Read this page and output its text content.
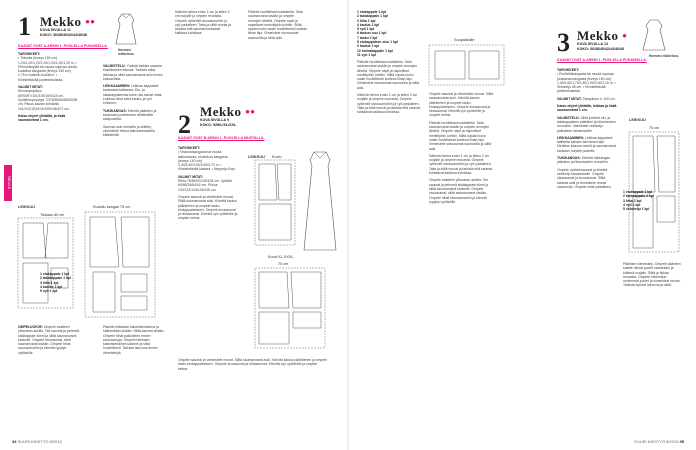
NEULE
1 Mekko ••
KUVA SIVULLA 11
KOKO: 36/38/40/42/44/46/48
KAAVAT OVAT A-ARKIN 1. PUOLELLA PUNAISELLA.
Hormasi
mikkelous.

TARVIKKEET:
• Trikoota (leveys 150 cm) 1,20/1,20/1,20/1,20/1,20/1,20/1,20 m. • Pehmeämpää tai muuta sopivaa ohutta kudottua kangasta (leveys 150 cm) 1,75 m kaikkiin kokoihin. • Kiinnitettävää juotteenkaistaa.

VALMIIT MITAT:
Rinnanympärys 89/93/97/101/105/109/115 cm. Vyötärönympärys 72/76/80/84/88/92/98 cm. Pituus kaulan kohdalta 101/102/103/104/105/106/107 cm.

Katso ohjeet ylhäältä, ja lisää saumanvarat 1 cm.

VALMISTELU: Yhdistä kaikkia osaosia keskikohtien kanssa. Tarkista mitat, leikkaa ja silitä saumanvarat auki ennen kokoamista.

LEIKKAAMINEN: Leikkaa kappaleet kankaasta taitteesta. Etu- ja takakappaleessa tulee olla samat mitat. Leikkaa hihat sekä kaulus ja vyö erikseen.

TUKIKANGAS: Kiinnitä pääntien ja kaulustan juotteeseen silittämällä sisäpuolelta.

Saumat ovat ommeltu ja silitetty; viimeistele helma kaksinkertaisella käänteellä.

LEIKKUU
Tikkaus 60 cm
Kudullu kangas 75 cm
1 etukappale 1 kpl
2 takakappale 1 kpl
3 hiha 1 kpl
4 kaulus 1 kpl
5 vyö 1 kpl

OMPELUOHJE: Ompele vaatteen ylösvaran aukilla. Tee saumat ja pehmeä sisäkappale kiinni ja silitä saumanvarat keskelle. Ompele sivusaumat, silitä saumanvarat sisään. Ompele hihat sivusaumoihin ja kiinnitä rypytys vyötärölle.

Pääntie leikataan kaksinkertaisena ja käännetään sisään. Silitä saumat sisään. Ompele hihat paikoilleen ennen sivusaumoja. Ompele helmaan kaksinkertainen käänne ja silitä huolellisesti. Tarkista istuvuus ennen viimeistelyä.

Käännä helma ensin 1 cm ja sitten 2 cm nurjalle ja ompele reunasta. Ompele vyölenkit sivusaumoihin ja vyö paikalleen. Taita ja silitä reunat ja tarkista että saumat kohtaavat kaikissa kohdissa.

2 Mekko ••
KUVA SIVULLA 9
KOKO: S/M/L/XL/XXL
KAAVAT OVAT B-ARKIN 1. PUOLELLA MUSTALLA.

TARVIKKEET:
• Viskoosikangasta tai muuta laskeutuvaa, ohuehkoa kangasta (leveys 140 cm) 3,40/3,40/3,50/3,50/3,70 m. • Kiinnitettävää kaistaa. • Neppeja 8 kpl.

VALMIIT MITAT:
Rinta 76/84/92/100/108 cm. Vyötärö 60/68/76/84/92 cm. Pituus 120/122/124/126/128 cm.

Ompele saumat ja viimeistele reunat. Silitä saumanvarat auki. Kiinnitä kaulus pääntiehen ja ompele tasku etukappaleeseen. Ompele sivusaumat ja hihasaumat. Kiinnitä vyö vyötärölle ja ompele helma.

Pääntie huolitellaan kaitaleella. Taita saumanvarat sisään ja ompele reunojen läheltä. Ompele napit ja napinlävet merkittyihin kohtiin. Silitä lopuksi koko vaate huolellisesti kostean liinan läpi. Viimeistele sivusaumat saumurilla ja silitä auki.

LEIKKUU Kuvio
Kood XL-XXXL
70 cm

Ompele saumat ja viimeistele reunat. Silitä saumanvarat auki. Kiinnitä kaulus pääntiehen ja ompele tasku etukappaleeseen. Ompele sivusaumat ja hihasaumat. Kiinnitä vyö vyötärölle ja ompele helma.

34 SUURI KÄSITYÖ 8/2015

Pääntie huolitellaan kaitaleella. Taita saumanvarat sisään ja ompele reunojen läheltä. Ompele napit ja napinlävet merkittyihin kohtiin. Silitä lopuksi koko vaate huolellisesti kostean liinan läpi. Viimeistele sivusaumat saumurilla ja silitä auki.

Käännä helma ensin 1 cm ja sitten 2 cm nurjalle ja ompele reunasta. Ompele vyölenkit sivusaumoihin ja vyö paikalleen. Taita ja silitä reunat ja tarkista että saumat kohtaavat kaikissa kohdissa.

1 etukappale 1 kpl
2 takakappale 1 kpl
3 hiha 1 kpl
4 kaulus 1 kpl
5 vyö 1 kpl
6 taskun suu 1 kpl
7 tasku 2 kpl
8 etukappaleen sivu 1 kpl
9 kaulus 1 kpl
10 helmakappale 1 kpl
11 vyö 1 kpl
Suojaaikalle

Ompele saumat ja viimeistele reunat. Silitä saumanvarat auki. Kiinnitä kaulus pääntiehen ja ompele tasku etukappaleeseen. Ompele sivusaumat ja hihasaumat. Kiinnitä vyö vyötärölle ja ompele helma.

Pääntie huolitellaan kaitaleella. Taita saumanvarat sisään ja ompele reunojen läheltä. Ompele napit ja napinlävet merkittyihin kohtiin. Silitä lopuksi koko vaate huolellisesti kostean liinan läpi. Viimeistele sivusaumat saumurilla ja silitä auki.

Käännä helma ensin 1 cm ja sitten 2 cm nurjalle ja ompele reunasta. Ompele vyölenkit sivusaumoihin ja vyö paikalleen. Taita ja silitä reunat ja tarkista että saumat kohtaavat kaikissa kohdissa.

Ompele vaatteen ylösvaran aukilla. Tee saumat ja pehmeä sisäkappale kiinni ja silitä saumanvarat keskelle. Ompele sivusaumat, silitä saumanvarat sisään. Ompele hihat sivusaumoihin ja kiinnitä rypytys vyötärölle.

3 Mekko •
KUVA SIVULLA 13
KOKO: 36/38/40/42/44/46/48
KAAVAT OVAT A-ARKIN 1. PUOLELLA PUNAISELLA.
Hormasi mikkelous.

TARVIKKEET:
• Puolivillakangasta tai muuta sopivaa joustavaa kangasta (leveys 150 cm) 1,50/1,60/1,70/1,80/1,90/2,00/2,10 m. • Vetoketju 65 cm. • Kiinnitettävää juotteenkaistaa.

VALMIIT MITAT: Takapituus n. 100 cm.

Katso ohjeet ylhäältä, leikkaa ja lisää saumanvarat 1 cm.

VALMISTELU: Silitä juotteet etu- ja takakappaleen pääntien ja hihansuiden reunoihin. Valmistele vetoketju paikalleen takakeskelle.

LEIKKAAMINEN: Leikkaa kappaleet taitteelta kahden kerroksen läpi. Merkitse kaavan merkit ja saumanvarat kankaan nurjalle puolelle.

TUKIKANGAS: Kiinnitä tukikangas pääntien ja hihansuiden reunoihin.

Ompele vyötärösaumat ja kiinnitä vetoketju takakeskelle. Ompele olkasaumat ja sivusaumat. Silitä saumat auki ja viimeistele reunat saumurilla. Ompele hihat paikalleen.

LEIKKUU
75 cm
1 etukappale 1 kpl
2 takakappale 2 kpl
3 hiha 2 kpl
4 vyö 1 kpl
5 vetoketju 1 kpl

Pääntien viimeistely: Ompele pääntien kaitale oikeat puolet vastakkain ja käännä nurjalle. Silitä ja tikkaa reunasta. Ompele vetoketjun molemmat puolet ja viimeistele helma. Tarkista lopuksi istuvuus ja silitä.

SUURI KÄSITYÖ 8/2015 35
